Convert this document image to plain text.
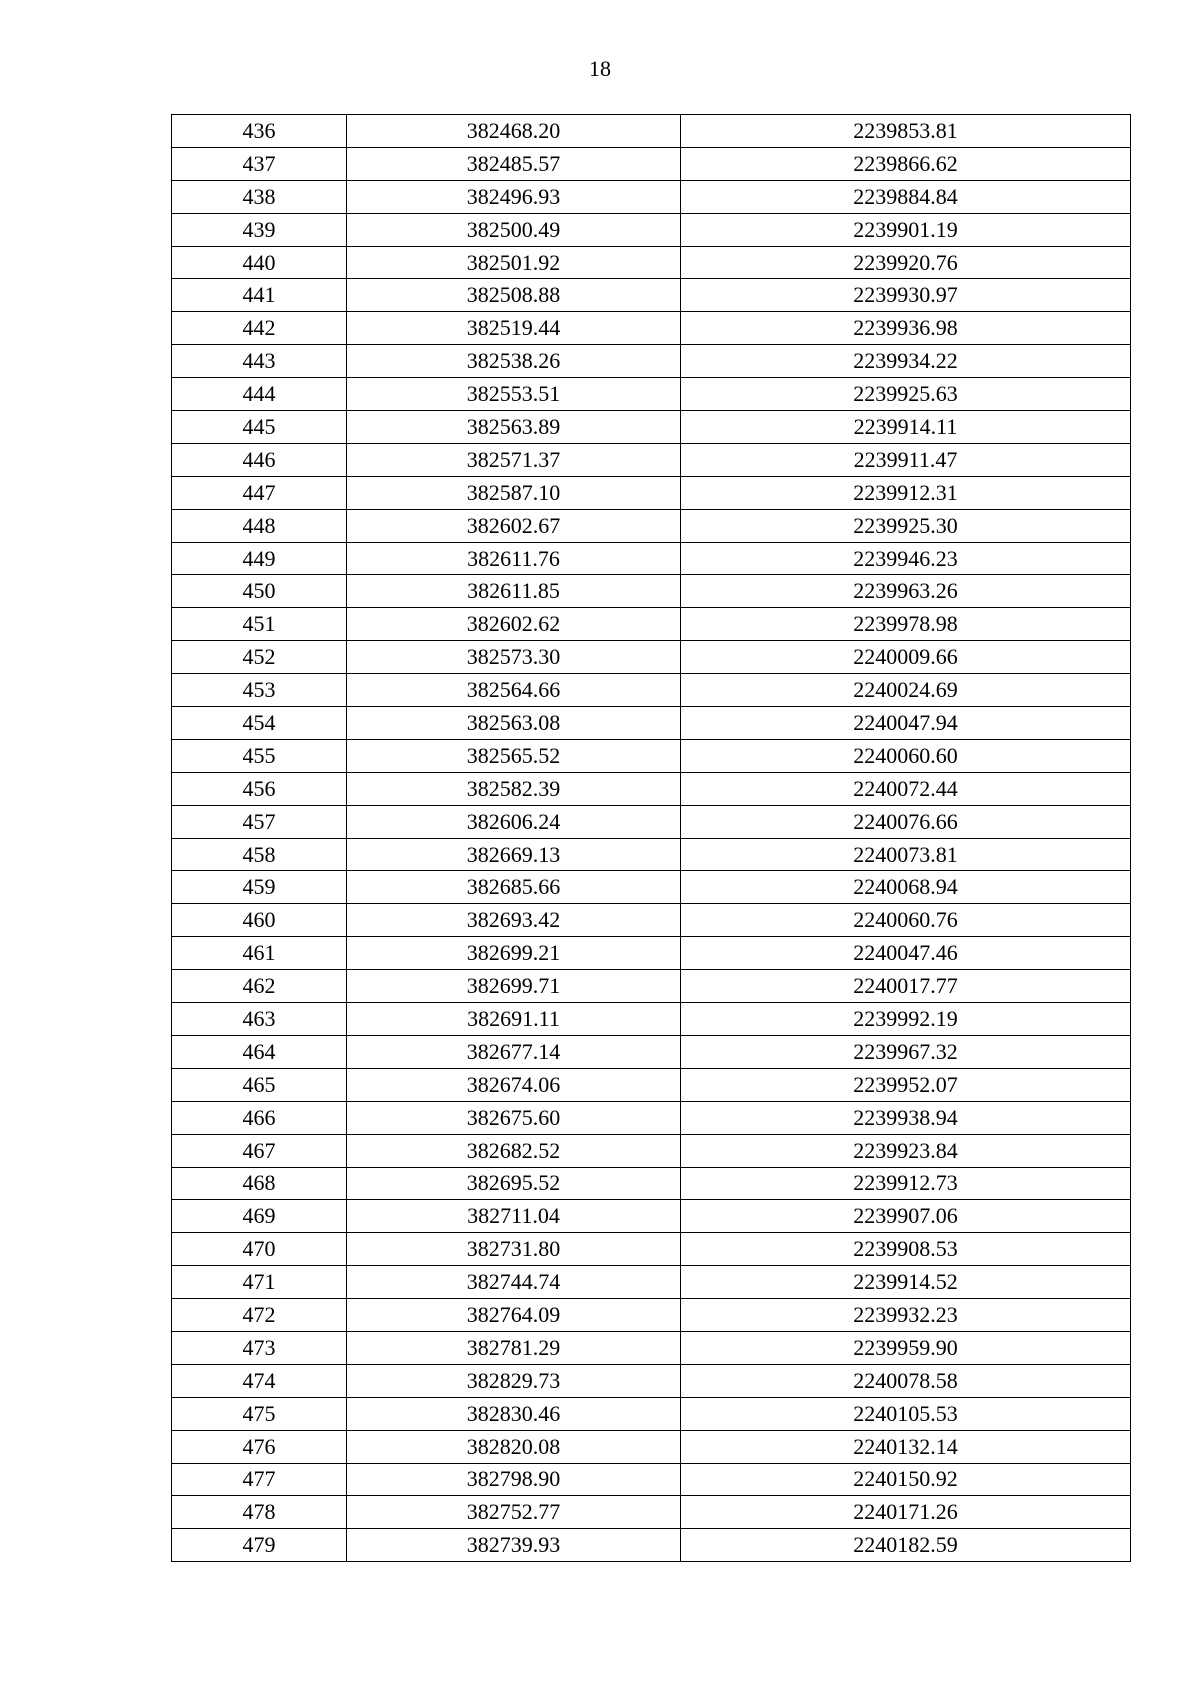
18
436	382468.20	2239853.81
437	382485.57	2239866.62
438	382496.93	2239884.84
439	382500.49	2239901.19
440	382501.92	2239920.76
441	382508.88	2239930.97
442	382519.44	2239936.98
443	382538.26	2239934.22
444	382553.51	2239925.63
445	382563.89	2239914.11
446	382571.37	2239911.47
447	382587.10	2239912.31
448	382602.67	2239925.30
449	382611.76	2239946.23
450	382611.85	2239963.26
451	382602.62	2239978.98
452	382573.30	2240009.66
453	382564.66	2240024.69
454	382563.08	2240047.94
455	382565.52	2240060.60
456	382582.39	2240072.44
457	382606.24	2240076.66
458	382669.13	2240073.81
459	382685.66	2240068.94
460	382693.42	2240060.76
461	382699.21	2240047.46
462	382699.71	2240017.77
463	382691.11	2239992.19
464	382677.14	2239967.32
465	382674.06	2239952.07
466	382675.60	2239938.94
467	382682.52	2239923.84
468	382695.52	2239912.73
469	382711.04	2239907.06
470	382731.80	2239908.53
471	382744.74	2239914.52
472	382764.09	2239932.23
473	382781.29	2239959.90
474	382829.73	2240078.58
475	382830.46	2240105.53
476	382820.08	2240132.14
477	382798.90	2240150.92
478	382752.77	2240171.26
479	382739.93	2240182.59
